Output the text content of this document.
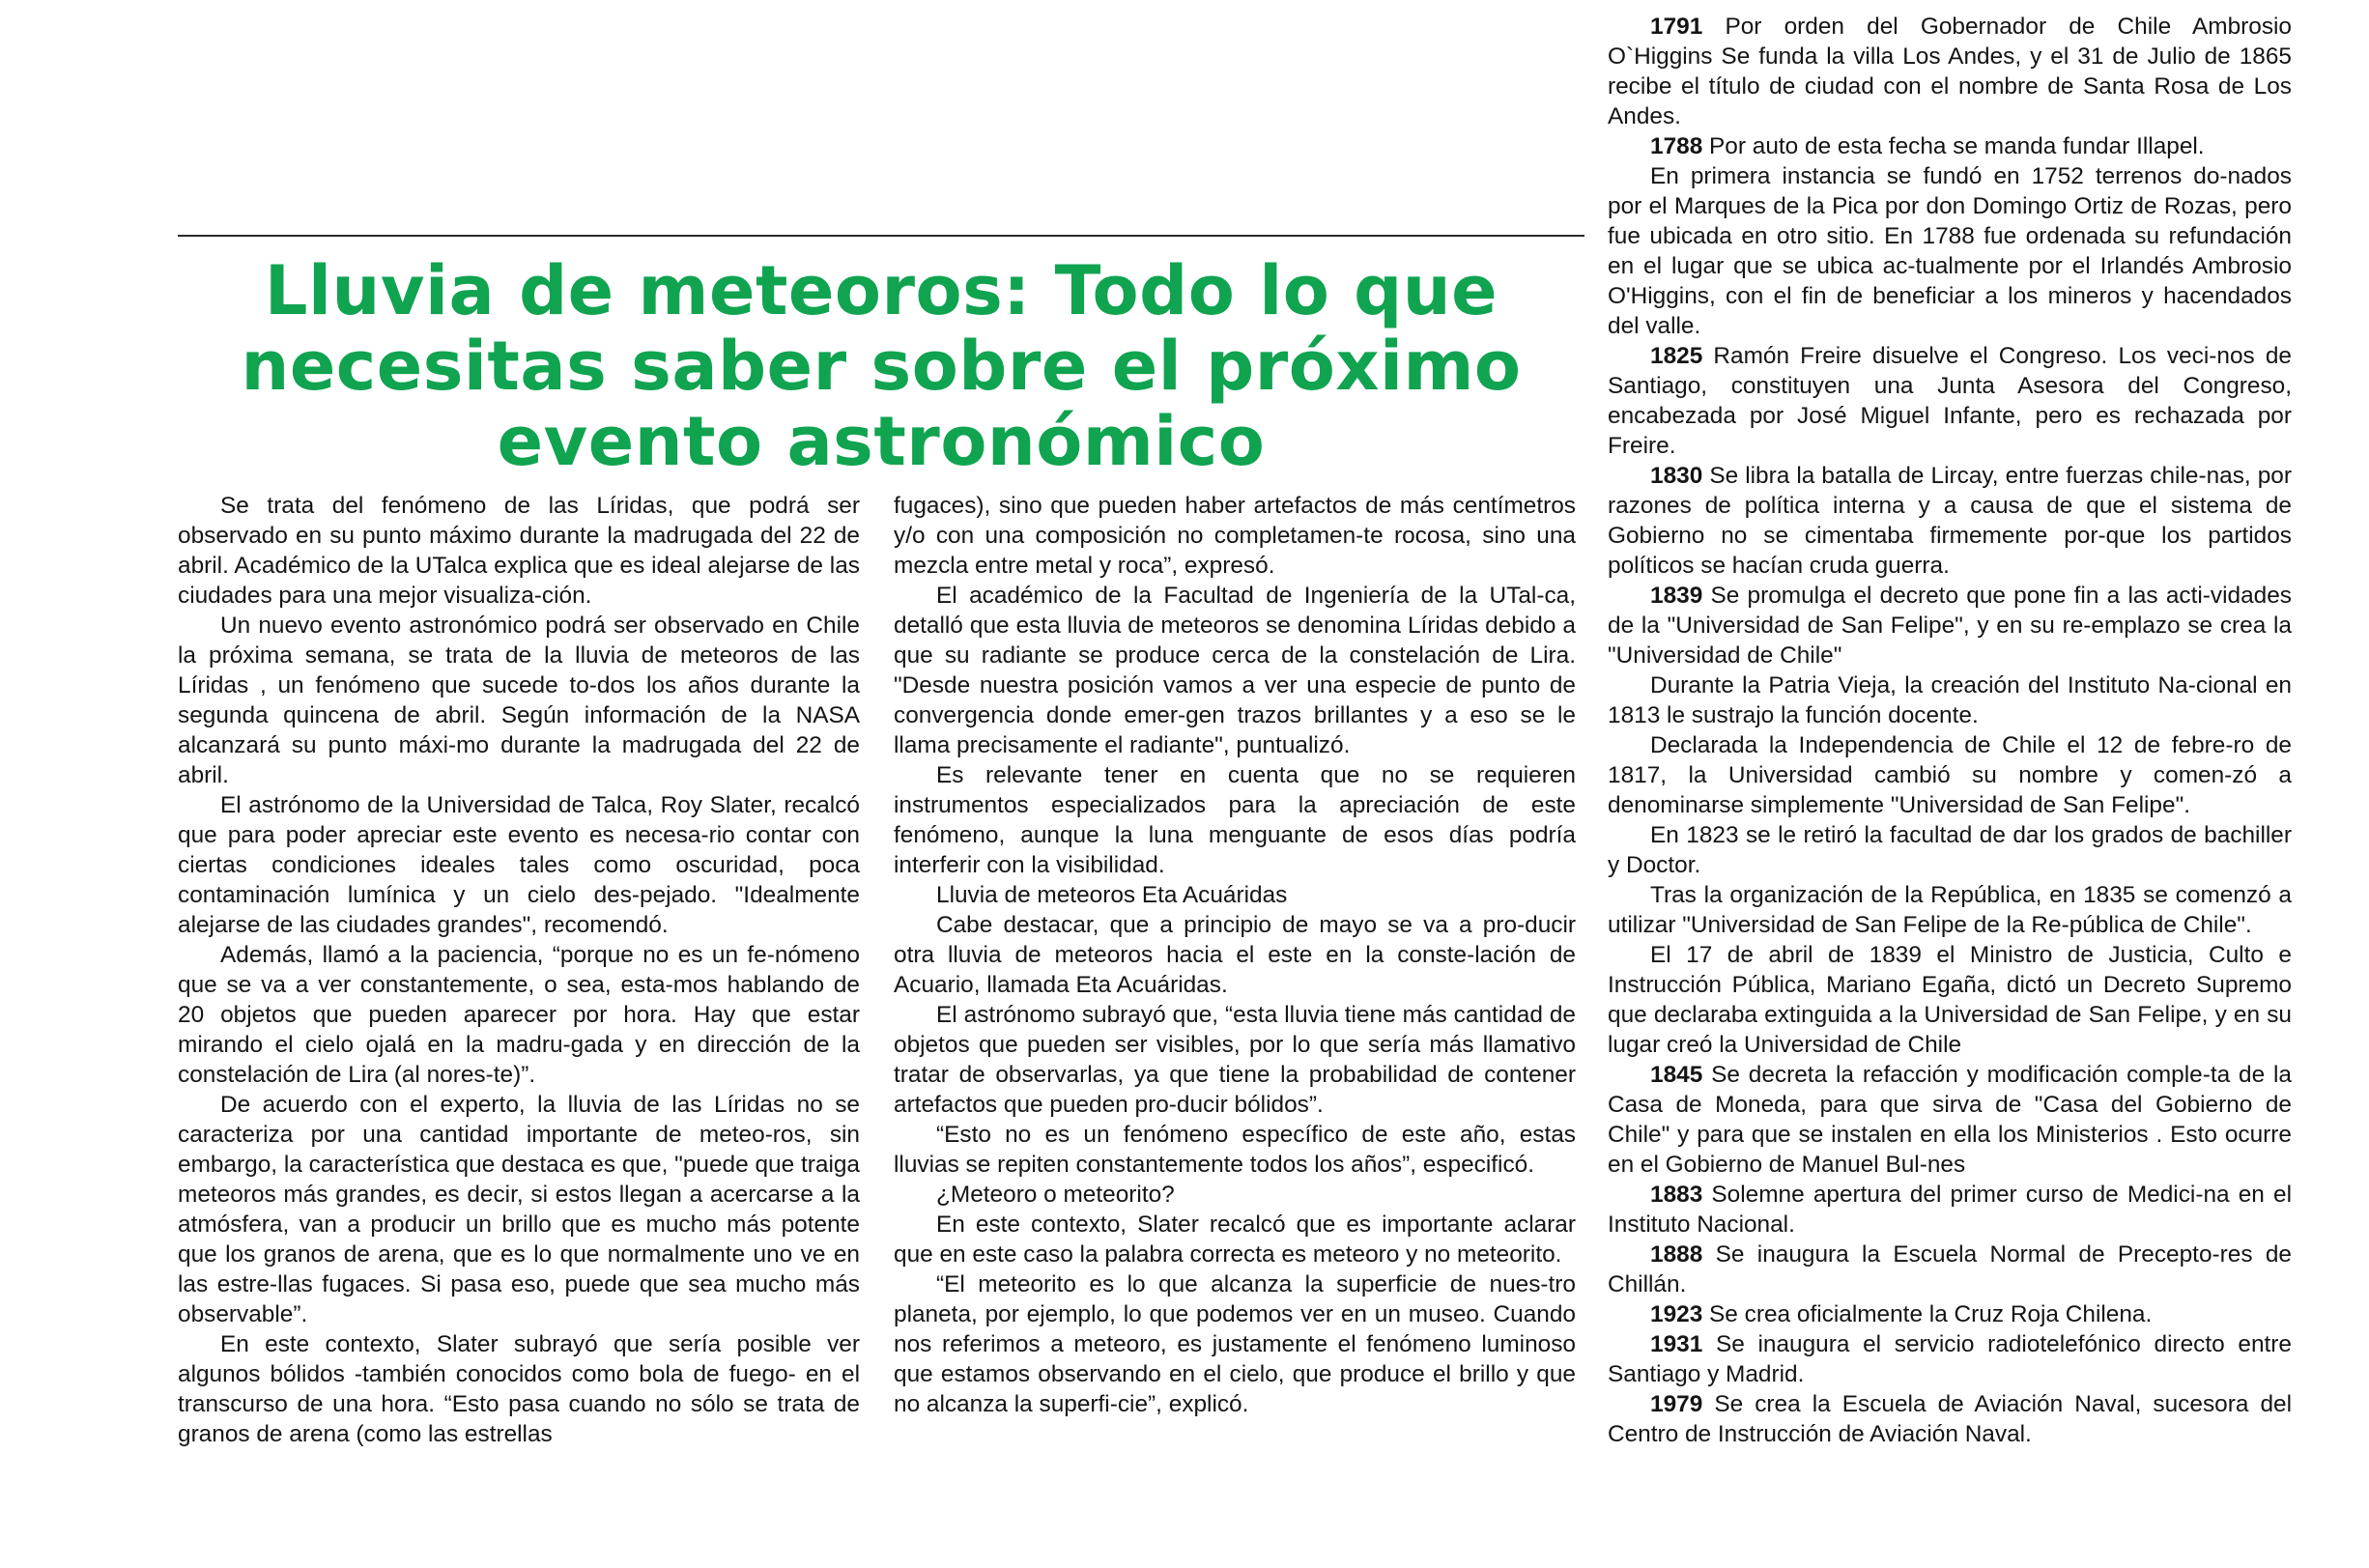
Lluvia de meteoros: Todo lo que necesitas saber sobre el próximo evento astronómico

Se trata del fenómeno de las Líridas, que podrá ser observado en su punto máximo durante la madrugada del 22 de abril. Académico de la UTalca explica que es ideal alejarse de las ciudades para una mejor visualiza-ción.

Un nuevo evento astronómico podrá ser observado en Chile la próxima semana, se trata de la lluvia de meteoros de las Líridas , un fenómeno que sucede to-dos los años durante la segunda quincena de abril. Según información de la NASA alcanzará su punto máxi-mo durante la madrugada del 22 de abril.

El astrónomo de la Universidad de Talca, Roy Slater, recalcó que para poder apreciar este evento es necesa-rio contar con ciertas condiciones ideales tales como oscuridad, poca contaminación lumínica y un cielo des-pejado. "Idealmente alejarse de las ciudades grandes", recomendó.

Además, llamó a la paciencia, “porque no es un fe-nómeno que se va a ver constantemente, o sea, esta-mos hablando de 20 objetos que pueden aparecer por hora. Hay que estar mirando el cielo ojalá en la madru-gada y en dirección de la constelación de Lira (al nores-te)”.

De acuerdo con el experto, la lluvia de las Líridas no se caracteriza por una cantidad importante de meteo-ros, sin embargo, la característica que destaca es que, "puede que traiga meteoros más grandes, es decir, si estos llegan a acercarse a la atmósfera, van a producir un brillo que es mucho más potente que los granos de arena, que es lo que normalmente uno ve en las estre-llas fugaces. Si pasa eso, puede que sea mucho más observable”.

En este contexto, Slater subrayó que sería posible ver algunos bólidos -también conocidos como bola de fuego- en el transcurso de una hora. “Esto pasa cuando no sólo se trata de granos de arena (como las estrellas

fugaces), sino que pueden haber artefactos de más centímetros y/o con una composición no completamen-te rocosa, sino una mezcla entre metal y roca”, expresó.

El académico de la Facultad de Ingeniería de la UTal-ca, detalló que esta lluvia de meteoros se denomina Líridas debido a que su radiante se produce cerca de la constelación de Lira. "Desde nuestra posición vamos a ver una especie de punto de convergencia donde emer-gen trazos brillantes y a eso se le llama precisamente el radiante", puntualizó.

Es relevante tener en cuenta que no se requieren instrumentos especializados para la apreciación de este fenómeno, aunque la luna menguante de esos días podría interferir con la visibilidad.

Lluvia de meteoros Eta Acuáridas

Cabe destacar, que a principio de mayo se va a pro-ducir otra lluvia de meteoros hacia el este en la conste-lación de Acuario, llamada Eta Acuáridas.

El astrónomo subrayó que, “esta lluvia tiene más cantidad de objetos que pueden ser visibles, por lo que sería más llamativo tratar de observarlas, ya que tiene la probabilidad de contener artefactos que pueden pro-ducir bólidos”.

“Esto no es un fenómeno específico de este año, estas lluvias se repiten constantemente todos los años”, especificó.

¿Meteoro o meteorito?

En este contexto, Slater recalcó que es importante aclarar que en este caso la palabra correcta es meteoro y no meteorito.

“El meteorito es lo que alcanza la superficie de nues-tro planeta, por ejemplo, lo que podemos ver en un museo. Cuando nos referimos a meteoro, es justamente el fenómeno luminoso que estamos observando en el cielo, que produce el brillo y que no alcanza la superfi-cie”, explicó.

1791 Por orden del Gobernador de Chile Ambrosio O`Higgins Se funda la villa Los Andes, y el 31 de Julio de 1865 recibe el título de ciudad con el nombre de Santa Rosa de Los Andes.

1788 Por auto de esta fecha se manda fundar Illapel.

En primera instancia se fundó en 1752 terrenos do-nados por el Marques de la Pica por don Domingo Ortiz de Rozas, pero fue ubicada en otro sitio. En 1788 fue ordenada su refundación en el lugar que se ubica ac-tualmente por el Irlandés Ambrosio O'Higgins, con el fin de beneficiar a los mineros y hacendados del valle.

1825 Ramón Freire disuelve el Congreso. Los veci-nos de Santiago, constituyen una Junta Asesora del Congreso, encabezada por José Miguel Infante, pero es rechazada por Freire.

1830 Se libra la batalla de Lircay, entre fuerzas chile-nas, por razones de política interna y a causa de que el sistema de Gobierno no se cimentaba firmemente por-que los partidos políticos se hacían cruda guerra.

1839 Se promulga el decreto que pone fin a las acti-vidades de la "Universidad de San Felipe", y en su re-emplazo se crea la "Universidad de Chile"

Durante la Patria Vieja, la creación del Instituto Na-cional en 1813 le sustrajo la función docente.

Declarada la Independencia de Chile el 12 de febre-ro de 1817, la Universidad cambió su nombre y comen-zó a denominarse simplemente "Universidad de San Felipe".

En 1823 se le retiró la facultad de dar los grados de bachiller y Doctor.

Tras la organización de la República, en 1835 se comenzó a utilizar "Universidad de San Felipe de la Re-pública de Chile".

El 17 de abril de 1839 el Ministro de Justicia, Culto e Instrucción Pública, Mariano Egaña, dictó un Decreto Supremo que declaraba extinguida a la Universidad de San Felipe, y en su lugar creó la Universidad de Chile

1845 Se decreta la refacción y modificación comple-ta de la Casa de Moneda, para que sirva de "Casa del Gobierno de Chile" y para que se instalen en ella los Ministerios . Esto ocurre en el Gobierno de Manuel Bul-nes

1883 Solemne apertura del primer curso de Medici-na en el Instituto Nacional.

1888 Se inaugura la Escuela Normal de Precepto-res de Chillán.

1923 Se crea oficialmente la Cruz Roja Chilena.

1931 Se inaugura el servicio radiotelefónico directo entre Santiago y Madrid.

1979 Se crea la Escuela de Aviación Naval, sucesora del Centro de Instrucción de Aviación Naval.
